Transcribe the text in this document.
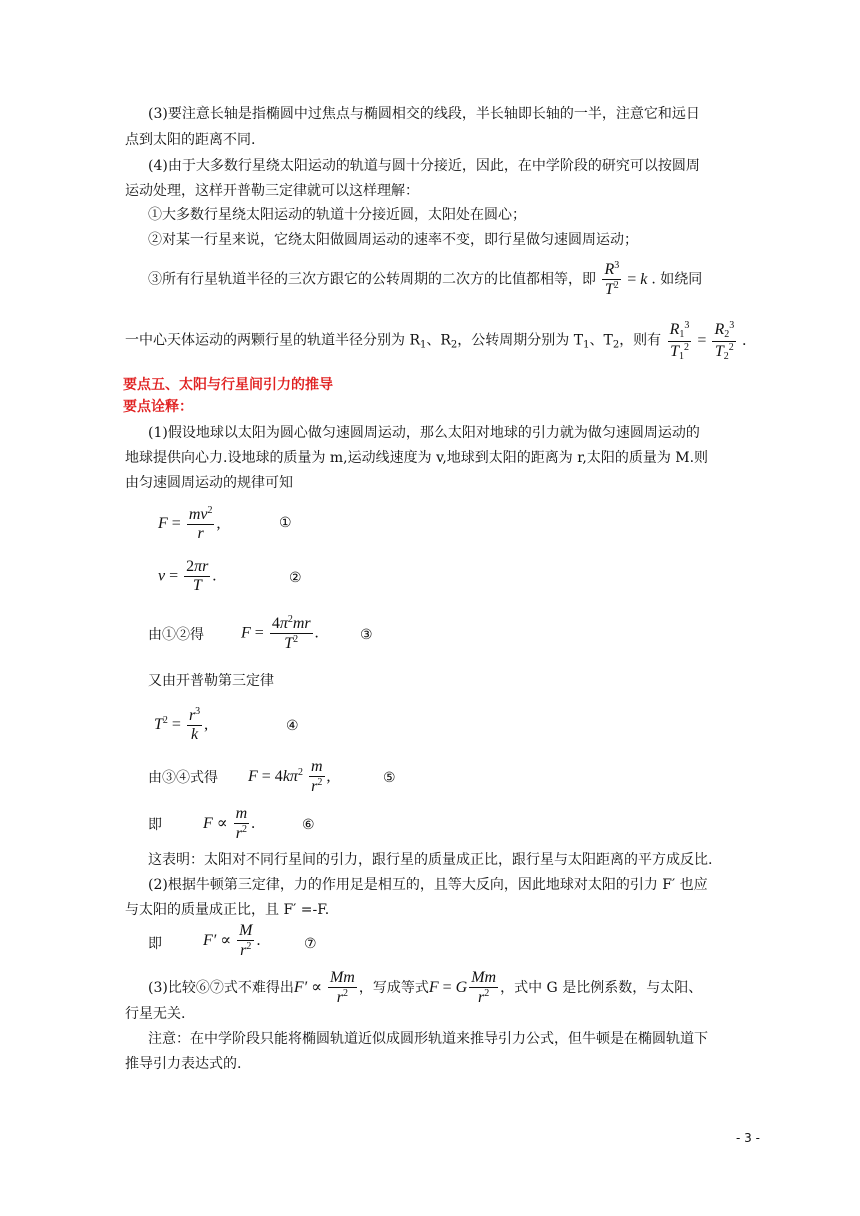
(3)要注意长轴是指椭圆中过焦点与椭圆相交的线段，半长轴即长轴的一半，注意它和远日
点到太阳的距离不同.
(4)由于大多数行星绕太阳运动的轨道与圆十分接近，因此，在中学阶段的研究可以按圆周
运动处理，这样开普勒三定律就可以这样理解：
①大多数行星绕太阳运动的轨道十分接近圆，太阳处在圆心；
②对某一行星来说，它绕太阳做圆周运动的速率不变，即行星做匀速圆周运动；
③所有行星轨道半径的三次方跟它的公转周期的二次方的比值都相等，即 $\frac{R^3}{T^2} = k$ . 如绕同
一中心天体运动的两颗行星的轨道半径分别为 $R_1$、$R_2$，公转周期分别为 $T_1$、$T_2$，则有 $\frac{R_1^3}{T_1^2} = \frac{R_2^3}{T_2^2}$ .
要点五、太阳与行星间引力的推导
要点诠释：
(1)假设地球以太阳为圆心做匀速圆周运动，那么太阳对地球的引力就为做匀速圆周运动的
地球提供向心力.设地球的质量为 m,运动线速度为 v,地球到太阳的距离为 r,太阳的质量为 M.则
由匀速圆周运动的规律可知
$F = \frac{mv^2}{r}$ ,	①
$v = \frac{2\pi r}{T}$ .	②
由①②得 $F = \frac{4\pi^2mr}{T^2}$ .	③
又由开普勒第三定律
$T^2 = \frac{r^3}{k}$ ,	④
由③④式得 $F = 4k\pi^2 \frac{m}{r^2}$ ,	⑤
即	$F \propto \frac{m}{r^2}$ .	⑥
这表明：太阳对不同行星间的引力，跟行星的质量成正比，跟行星与太阳距离的平方成反比.
(2)根据牛顿第三定律，力的作用足是相互的，且等大反向，因此地球对太阳的引力 F′ 也应
与太阳的质量成正比，且 F′ =-F.
即	$F' \propto \frac{M}{r^2}$ .	⑦
(3)比较⑥⑦式不难得出$F' \propto \frac{Mm}{r^2}$ ，写成等式F = G $\frac{Mm}{r^2}$ ，式中 G 是比例系数，与太阳、
行星无关.
注意：在中学阶段只能将椭圆轨道近似成圆形轨道来推导引力公式，但牛顿是在椭圆轨道下
推导引力表达式的.
- 3 -
